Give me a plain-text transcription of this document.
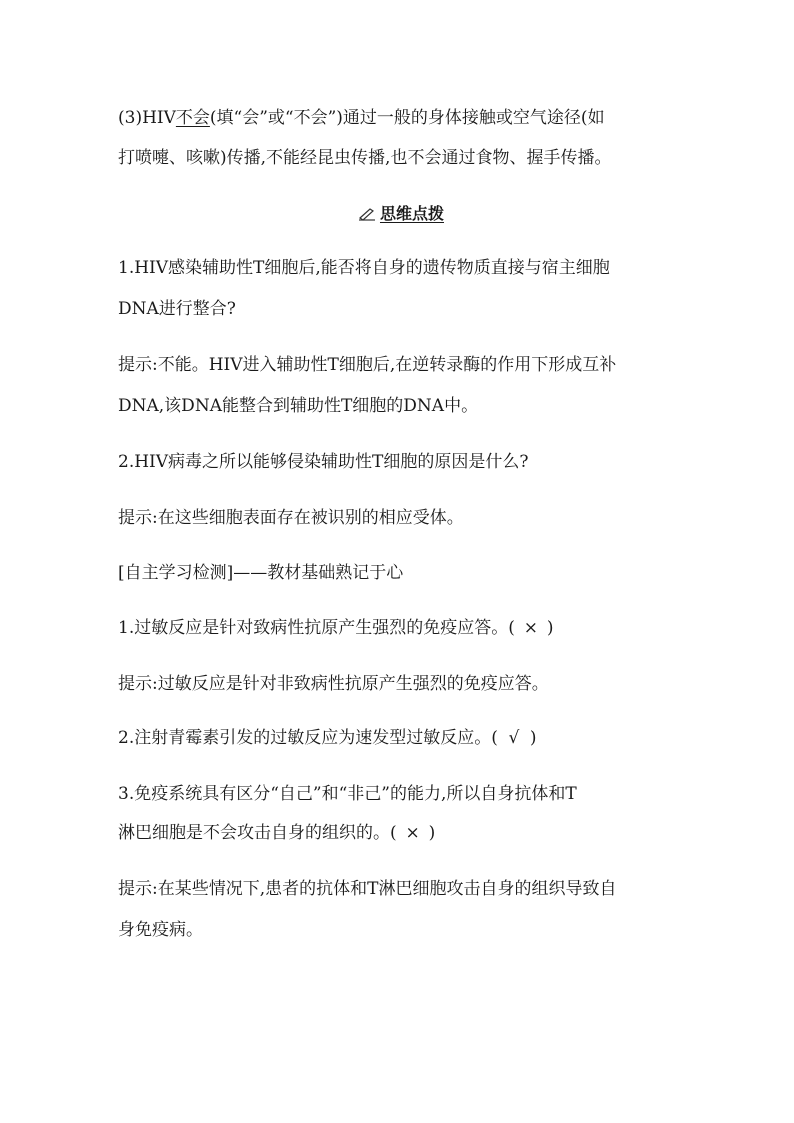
(3)HIV不会(填“会”或“不会”)通过一般的身体接触或空气途径(如

打喷嚏、咳嗽)传播,不能经昆虫传播,也不会通过食物、握手传播。

思维点拨

1.HIV感染辅助性T细胞后,能否将自身的遗传物质直接与宿主细胞

DNA进行整合?

提示:不能。HIV进入辅助性T细胞后,在逆转录酶的作用下形成互补

DNA,该DNA能整合到辅助性T细胞的DNA中。

2.HIV病毒之所以能够侵染辅助性T细胞的原因是什么?

提示:在这些细胞表面存在被识别的相应受体。

[自主学习检测]——教材基础熟记于心

1.过敏反应是针对致病性抗原产生强烈的免疫应答。( × )

提示:过敏反应是针对非致病性抗原产生强烈的免疫应答。

2.注射青霉素引发的过敏反应为速发型过敏反应。( √ )

3.免疫系统具有区分“自己”和“非己”的能力,所以自身抗体和T

淋巴细胞是不会攻击自身的组织的。( × )

提示:在某些情况下,患者的抗体和T淋巴细胞攻击自身的组织导致自

身免疫病。
